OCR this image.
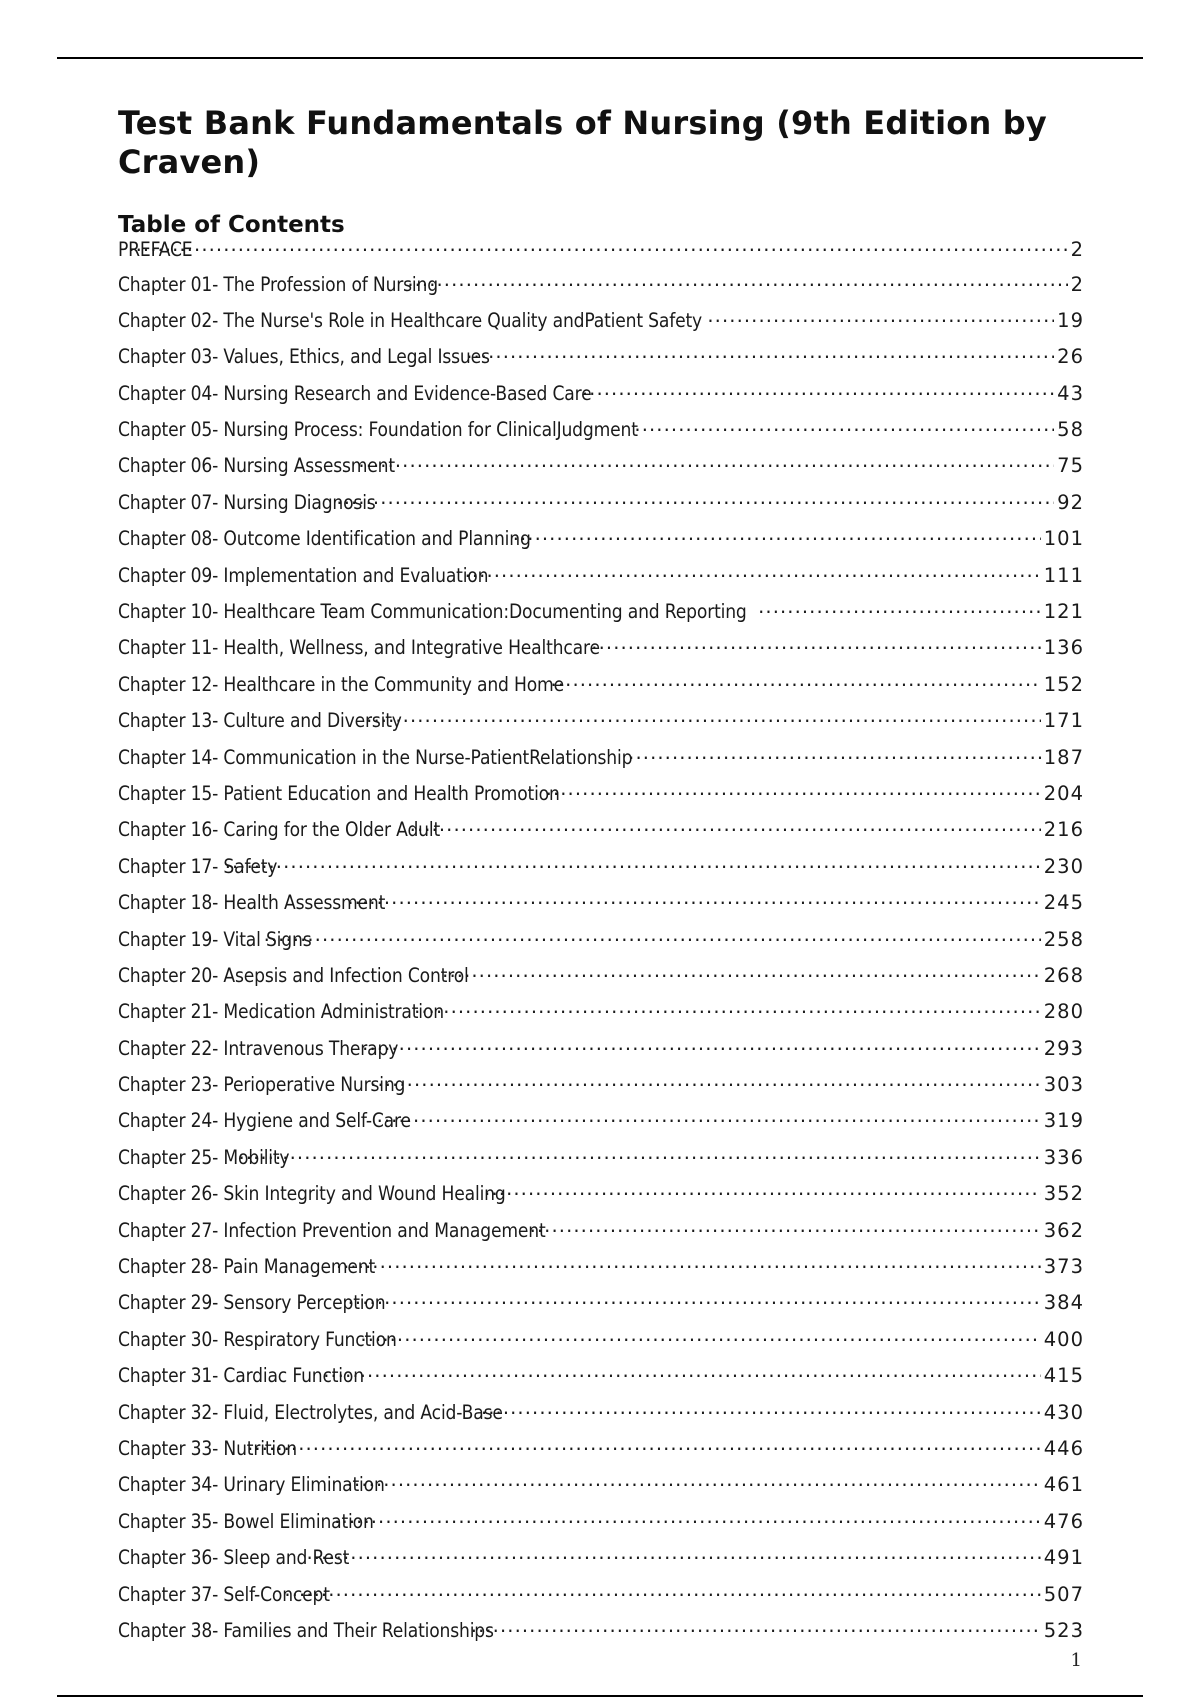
Test Bank Fundamentals of Nursing (9th Edition by Craven)
Table of Contents
PREFACE .....	2
Chapter 01- The Profession of Nursing .....	2
Chapter 02- The Nurse's Role in Healthcare Quality andPatient Safety .....	19
Chapter 03- Values, Ethics, and Legal Issues .....	26
Chapter 04- Nursing Research and Evidence-Based Care .....	43
Chapter 05- Nursing Process: Foundation for ClinicalJudgment .....	58
Chapter 06- Nursing Assessment .....	75
Chapter 07- Nursing Diagnosis .....	92
Chapter 08- Outcome Identification and Planning .....	101
Chapter 09- Implementation and Evaluation .....	111
Chapter 10- Healthcare Team Communication:Documenting and Reporting .....	121
Chapter 11- Health, Wellness, and Integrative Healthcare .....	136
Chapter 12- Healthcare in the Community and Home .....	152
Chapter 13- Culture and Diversity .....	171
Chapter 14- Communication in the Nurse-PatientRelationship .....	187
Chapter 15- Patient Education and Health Promotion .....	204
Chapter 16- Caring for the Older Adult .....	216
Chapter 17- Safety .....	230
Chapter 18- Health Assessment .....	245
Chapter 19- Vital Signs .....	258
Chapter 20- Asepsis and Infection Control .....	268
Chapter 21- Medication Administration .....	280
Chapter 22- Intravenous Therapy .....	293
Chapter 23- Perioperative Nursing .....	303
Chapter 24- Hygiene and Self-Care .....	319
Chapter 25- Mobility .....	336
Chapter 26- Skin Integrity and Wound Healing .....	352
Chapter 27- Infection Prevention and Management .....	362
Chapter 28- Pain Management .....	373
Chapter 29- Sensory Perception .....	384
Chapter 30- Respiratory Function .....	400
Chapter 31- Cardiac Function .....	415
Chapter 32- Fluid, Electrolytes, and Acid-Base .....	430
Chapter 33- Nutrition .....	446
Chapter 34- Urinary Elimination .....	461
Chapter 35- Bowel Elimination .....	476
Chapter 36- Sleep and Rest .....	491
Chapter 37- Self-Concept .....	507
Chapter 38- Families and Their Relationships .....	523
1
